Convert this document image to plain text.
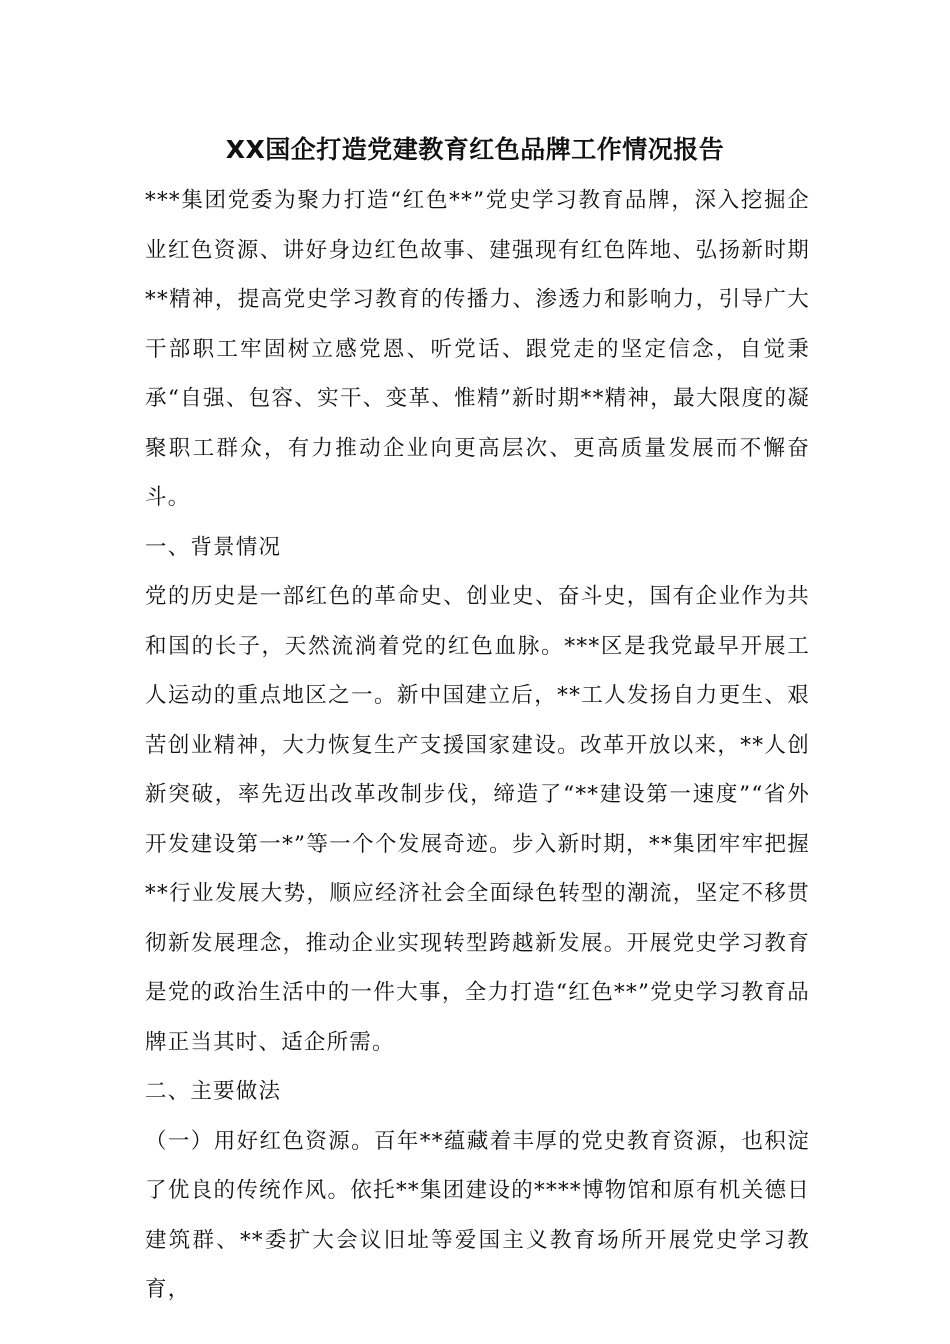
XX国企打造党建教育红色品牌工作情况报告

***集团党委为聚力打造“红色**”党史学习教育品牌，深入挖掘企业红色资源、讲好身边红色故事、建强现有红色阵地、弘扬新时期**精神，提高党史学习教育的传播力、渗透力和影响力，引导广大干部职工牢固树立感党恩、听党话、跟党走的坚定信念，自觉秉承“自强、包容、实干、变革、惟精”新时期**精神，最大限度的凝聚职工群众，有力推动企业向更高层次、更高质量发展而不懈奋斗。

一、背景情况

党的历史是一部红色的革命史、创业史、奋斗史，国有企业作为共和国的长子，天然流淌着党的红色血脉。***区是我党最早开展工人运动的重点地区之一。新中国建立后，**工人发扬自力更生、艰苦创业精神，大力恢复生产支援国家建设。改革开放以来，**人创新突破，率先迈出改革改制步伐，缔造了“**建设第一速度”“省外开发建设第一*”等一个个发展奇迹。步入新时期，**集团牢牢把握**行业发展大势，顺应经济社会全面绿色转型的潮流，坚定不移贯彻新发展理念，推动企业实现转型跨越新发展。开展党史学习教育是党的政治生活中的一件大事，全力打造“红色**”党史学习教育品牌正当其时、适企所需。

二、主要做法

（一）用好红色资源。百年**蕴藏着丰厚的党史教育资源，也积淀了优良的传统作风。依托**集团建设的****博物馆和原有机关德日建筑群、**委扩大会议旧址等爱国主义教育场所开展党史学习教育，
